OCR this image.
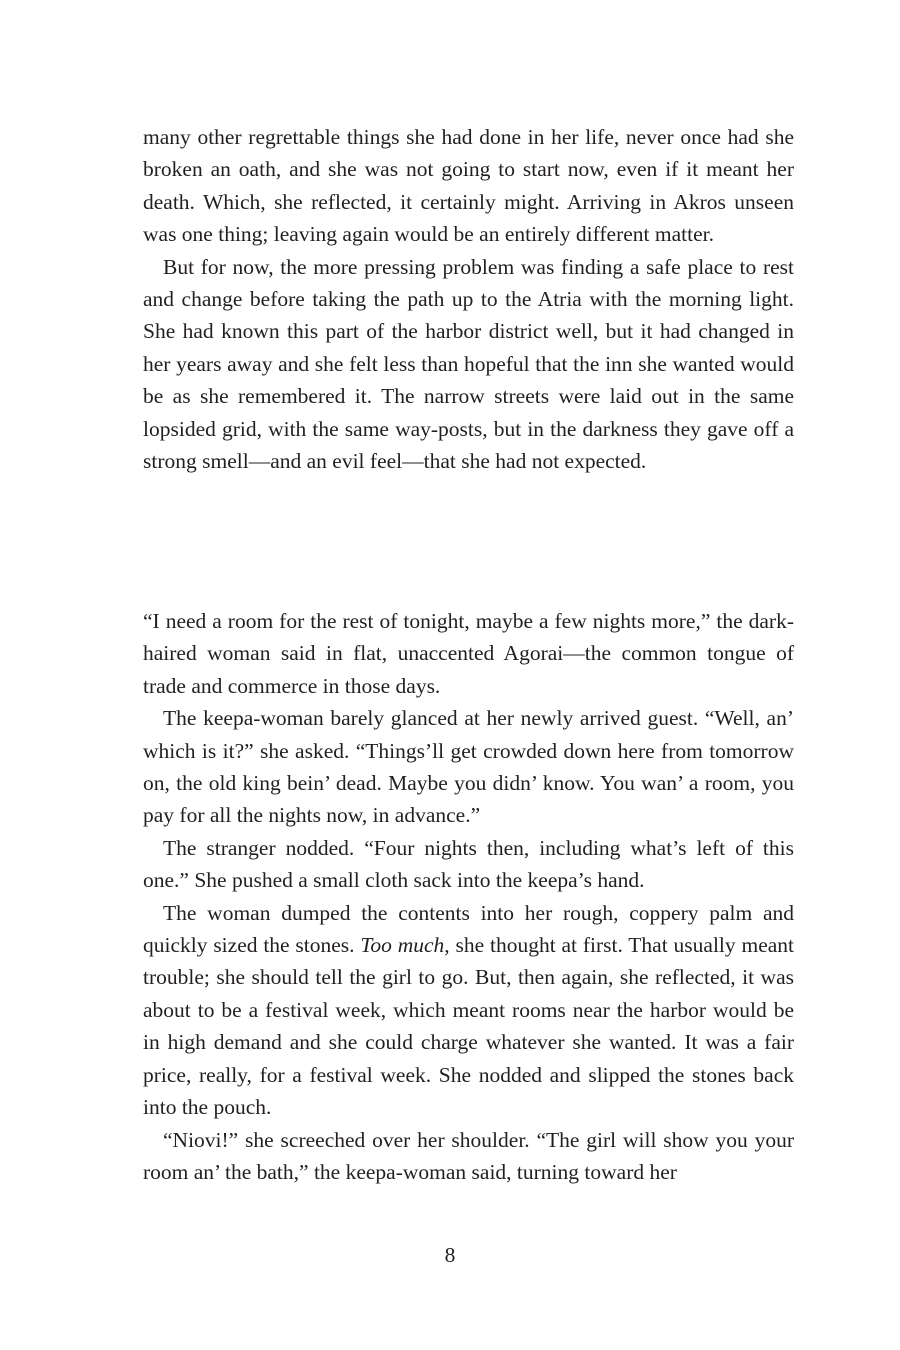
many other regrettable things she had done in her life, never once had she broken an oath, and she was not going to start now, even if it meant her death. Which, she reflected, it certainly might. Arriving in Akros unseen was one thing; leaving again would be an entirely different matter.

But for now, the more pressing problem was finding a safe place to rest and change before taking the path up to the Atria with the morning light. She had known this part of the harbor district well, but it had changed in her years away and she felt less than hopeful that the inn she wanted would be as she remembered it. The narrow streets were laid out in the same lopsided grid, with the same way-posts, but in the darkness they gave off a strong smell—and an evil feel—that she had not expected.

“I need a room for the rest of tonight, maybe a few nights more,” the dark-haired woman said in flat, unaccented Agorai—the common tongue of trade and commerce in those days.

The keepa-woman barely glanced at her newly arrived guest. “Well, an’ which is it?” she asked. “Things’ll get crowded down here from tomorrow on, the old king bein’ dead. Maybe you didn’ know. You wan’ a room, you pay for all the nights now, in advance.”

The stranger nodded. “Four nights then, including what’s left of this one.” She pushed a small cloth sack into the keepa’s hand.

The woman dumped the contents into her rough, coppery palm and quickly sized the stones. Too much, she thought at first. That usually meant trouble; she should tell the girl to go. But, then again, she reflected, it was about to be a festival week, which meant rooms near the harbor would be in high demand and she could charge whatever she wanted. It was a fair price, really, for a festival week. She nodded and slipped the stones back into the pouch.

“Niovi!” she screeched over her shoulder. “The girl will show you your room an’ the bath,” the keepa-woman said, turning toward her

8
